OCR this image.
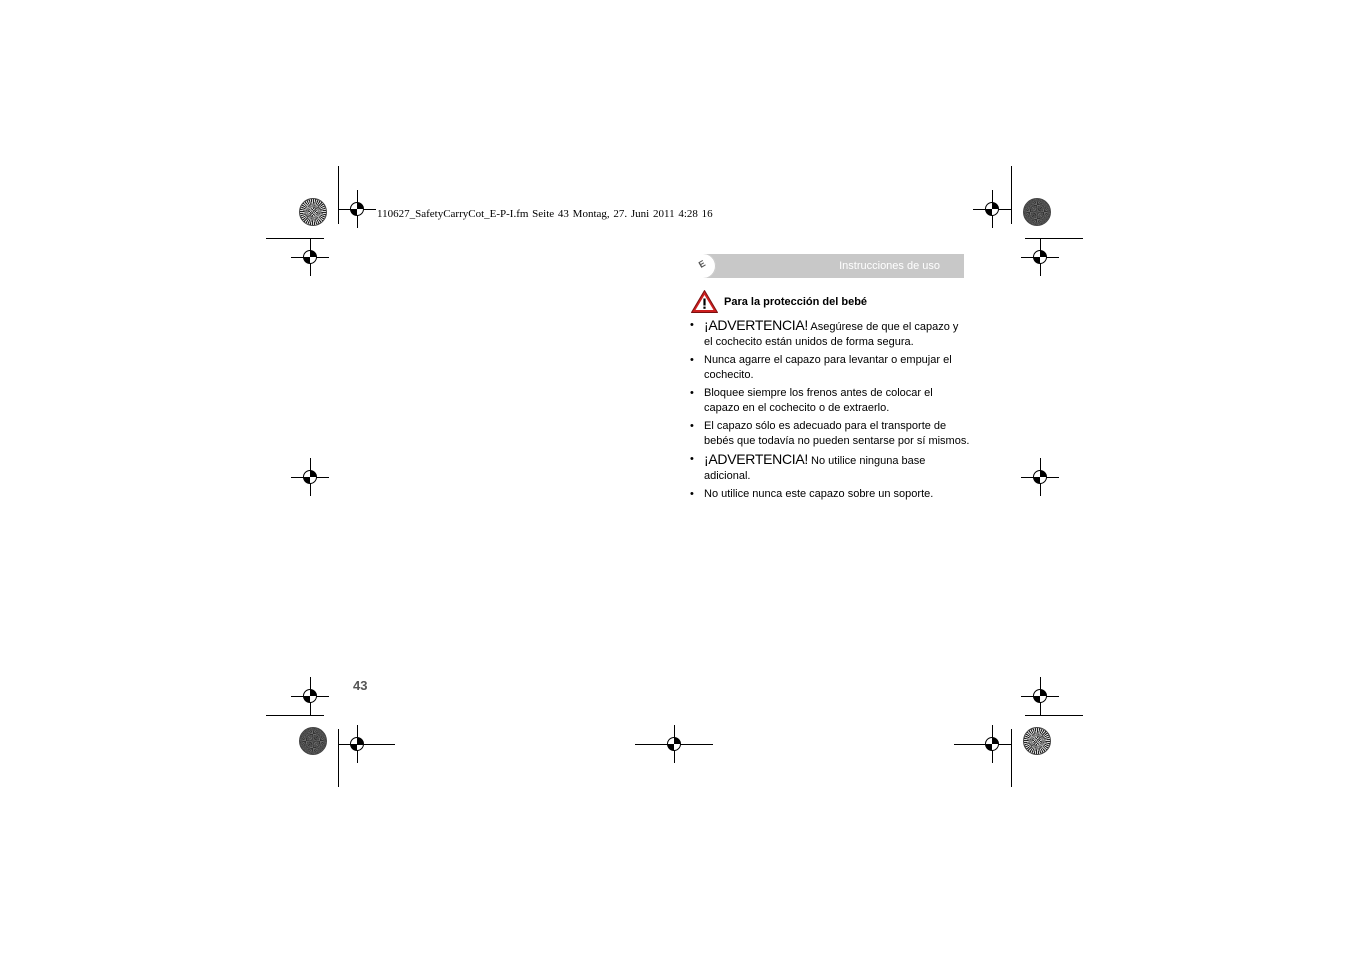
110627_SafetyCarryCot_E-P-I.fm Seite 43 Montag, 27. Juni 2011 4:28 16
E	Instrucciones de uso
Para la protección del bebé
• ¡ADVERTENCIA! Asegúrese de que el capazo y el cochecito están unidos de forma segura.
• Nunca agarre el capazo para levantar o empujar el cochecito.
• Bloquee siempre los frenos antes de colocar el capazo en el cochecito o de extraerlo.
• El capazo sólo es adecuado para el transporte de bebés que todavía no pueden sentarse por sí mismos.
• ¡ADVERTENCIA! No utilice ninguna base adicional.
• No utilice nunca este capazo sobre un soporte.
43
